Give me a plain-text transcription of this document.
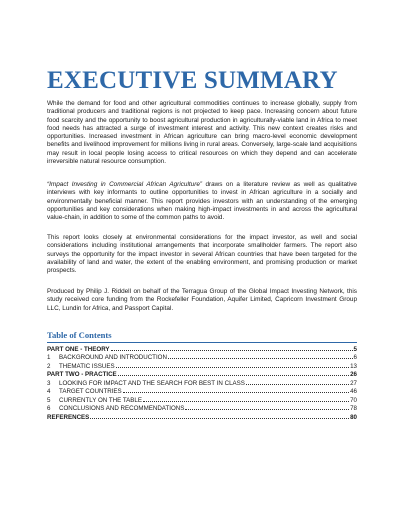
EXECUTIVE SUMMARY

While the demand for food and other agricultural commodities continues to increase globally, supply from traditional producers and traditional regions is not projected to keep pace. Increasing concern about future food scarcity and the opportunity to boost agricultural production in agriculturally-viable land in Africa to meet food needs has attracted a surge of investment interest and activity. This new context creates risks and opportunities. Increased investment in African agriculture can bring macro-level economic development benefits and livelihood improvement for millions living in rural areas. Conversely, large-scale land acquisitions may result in local people losing access to critical resources on which they depend and can accelerate irreversible natural resource consumption.

“Impact Investing in Commercial African Agriculture” draws on a literature review as well as qualitative interviews with key informants to outline opportunities to invest in African agriculture in a socially and environmentally beneficial manner. This report provides investors with an understanding of the emerging opportunities and key considerations when making high-impact investments in and across the agricultural value-chain, in addition to some of the common paths to avoid.

This report looks closely at environmental considerations for the impact investor, as well and social considerations including institutional arrangements that incorporate smallholder farmers. The report also surveys the opportunity for the impact investor in several African countries that have been targeted for the availability of land and water, the extent of the enabling environment, and promising production or market prospects.

Produced by Philip J. Riddell on behalf of the Terragua Group of the Global Impact Investing Network, this study received core funding from the Rockefeller Foundation, Aquifer Limited, Capricorn Investment Group LLC, Lundin for Africa, and Passport Capital.

Table of Contents
PART ONE - THEORY	5
1	BACKGROUND AND INTRODUCTION	6
2	THEMATIC ISSUES	13
PART TWO - PRACTICE	26
3	LOOKING FOR IMPACT AND THE SEARCH FOR BEST IN CLASS	27
4	TARGET COUNTRIES	46
5	CURRENTLY ON THE TABLE	70
6	CONCLUSIONS AND RECOMMENDATIONS	78
REFERENCES	80
